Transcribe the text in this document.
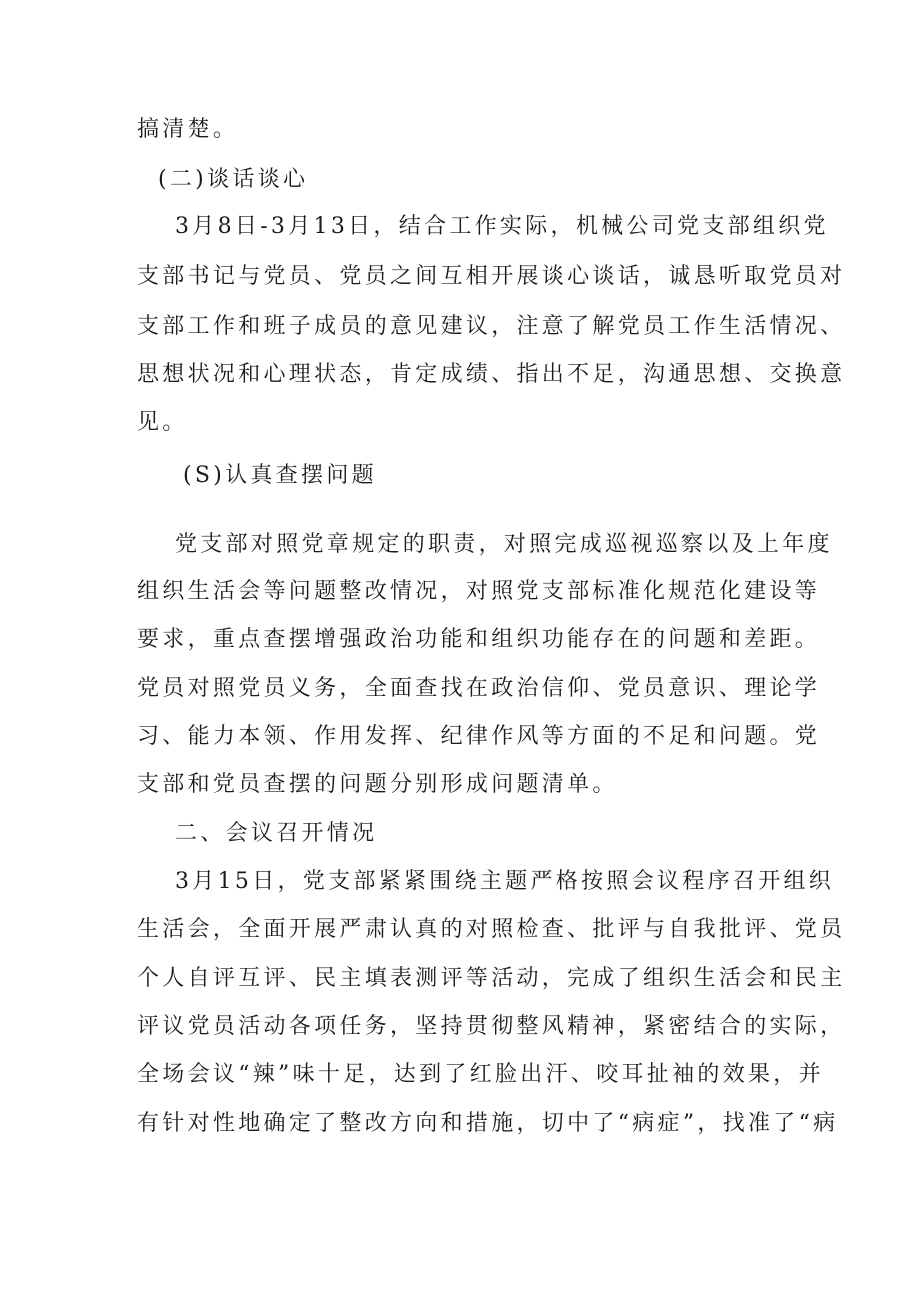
搞清楚。
(二)谈话谈心
3月8日-3月13日，结合工作实际，机械公司党支部组织党
支部书记与党员、党员之间互相开展谈心谈话，诚恳听取党员对
支部工作和班子成员的意见建议，注意了解党员工作生活情况、
思想状况和心理状态，肯定成绩、指出不足，沟通思想、交换意
见。
(S)认真查摆问题
党支部对照党章规定的职责，对照完成巡视巡察以及上年度
组织生活会等问题整改情况，对照党支部标准化规范化建设等
要求，重点查摆增强政治功能和组织功能存在的问题和差距。
党员对照党员义务，全面查找在政治信仰、党员意识、理论学
习、能力本领、作用发挥、纪律作风等方面的不足和问题。党
支部和党员查摆的问题分别形成问题清单。
二、会议召开情况
3月15日，党支部紧紧围绕主题严格按照会议程序召开组织
生活会，全面开展严肃认真的对照检查、批评与自我批评、党员
个人自评互评、民主填表测评等活动，完成了组织生活会和民主
评议党员活动各项任务，坚持贯彻整风精神，紧密结合的实际，
全场会议“辣”味十足，达到了红脸出汗、咬耳扯袖的效果，并
有针对性地确定了整改方向和措施，切中了“病症”，找准了“病
